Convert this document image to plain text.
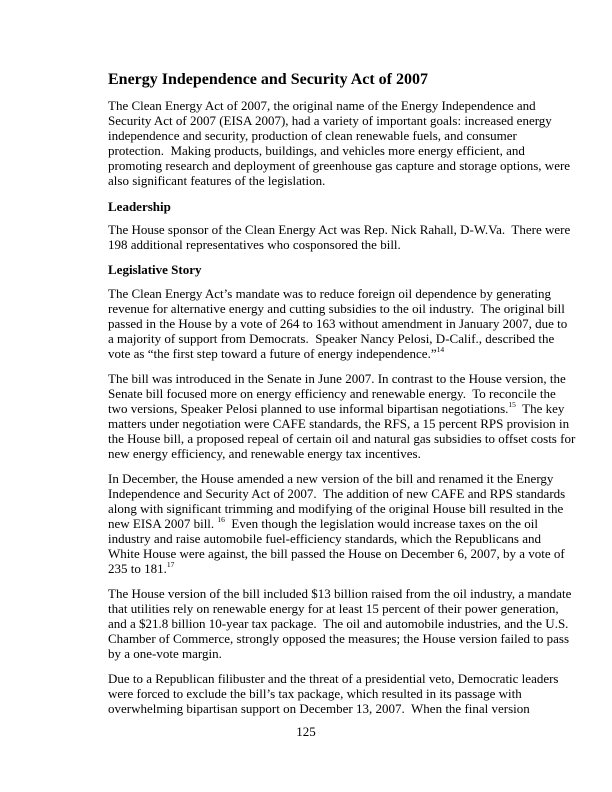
Energy Independence and Security Act of 2007
The Clean Energy Act of 2007, the original name of the Energy Independence and
Security Act of 2007 (EISA 2007), had a variety of important goals: increased energy
independence and security, production of clean renewable fuels, and consumer
protection.  Making products, buildings, and vehicles more energy efficient, and
promoting research and deployment of greenhouse gas capture and storage options, were
also significant features of the legislation.
Leadership
The House sponsor of the Clean Energy Act was Rep. Nick Rahall, D-W.Va.  There were
198 additional representatives who cosponsored the bill.
Legislative Story
The Clean Energy Act’s mandate was to reduce foreign oil dependence by generating
revenue for alternative energy and cutting subsidies to the oil industry.  The original bill
passed in the House by a vote of 264 to 163 without amendment in January 2007, due to
a majority of support from Democrats.  Speaker Nancy Pelosi, D-Calif., described the
vote as “the first step toward a future of energy independence.”$^{14}$
The bill was introduced in the Senate in June 2007. In contrast to the House version, the
Senate bill focused more on energy efficiency and renewable energy.  To reconcile the
two versions, Speaker Pelosi planned to use informal bipartisan negotiations.$^{15}$  The key
matters under negotiation were CAFE standards, the RFS, a 15 percent RPS provision in
the House bill, a proposed repeal of certain oil and natural gas subsidies to offset costs for
new energy efficiency, and renewable energy tax incentives.
In December, the House amended a new version of the bill and renamed it the Energy
Independence and Security Act of 2007.  The addition of new CAFE and RPS standards
along with significant trimming and modifying of the original House bill resulted in the
new EISA 2007 bill. $^{16}$  Even though the legislation would increase taxes on the oil
industry and raise automobile fuel-efficiency standards, which the Republicans and
White House were against, the bill passed the House on December 6, 2007, by a vote of
235 to 181.17
The House version of the bill included $13 billion raised from the oil industry, a mandate
that utilities rely on renewable energy for at least 15 percent of their power generation,
and a $21.8 billion 10-year tax package.  The oil and automobile industries, and the U.S.
Chamber of Commerce, strongly opposed the measures; the House version failed to pass
by a one-vote margin.
Due to a Republican filibuster and the threat of a presidential veto, Democratic leaders
were forced to exclude the bill’s tax package, which resulted in its passage with
overwhelming bipartisan support on December 13, 2007.  When the final version
125
